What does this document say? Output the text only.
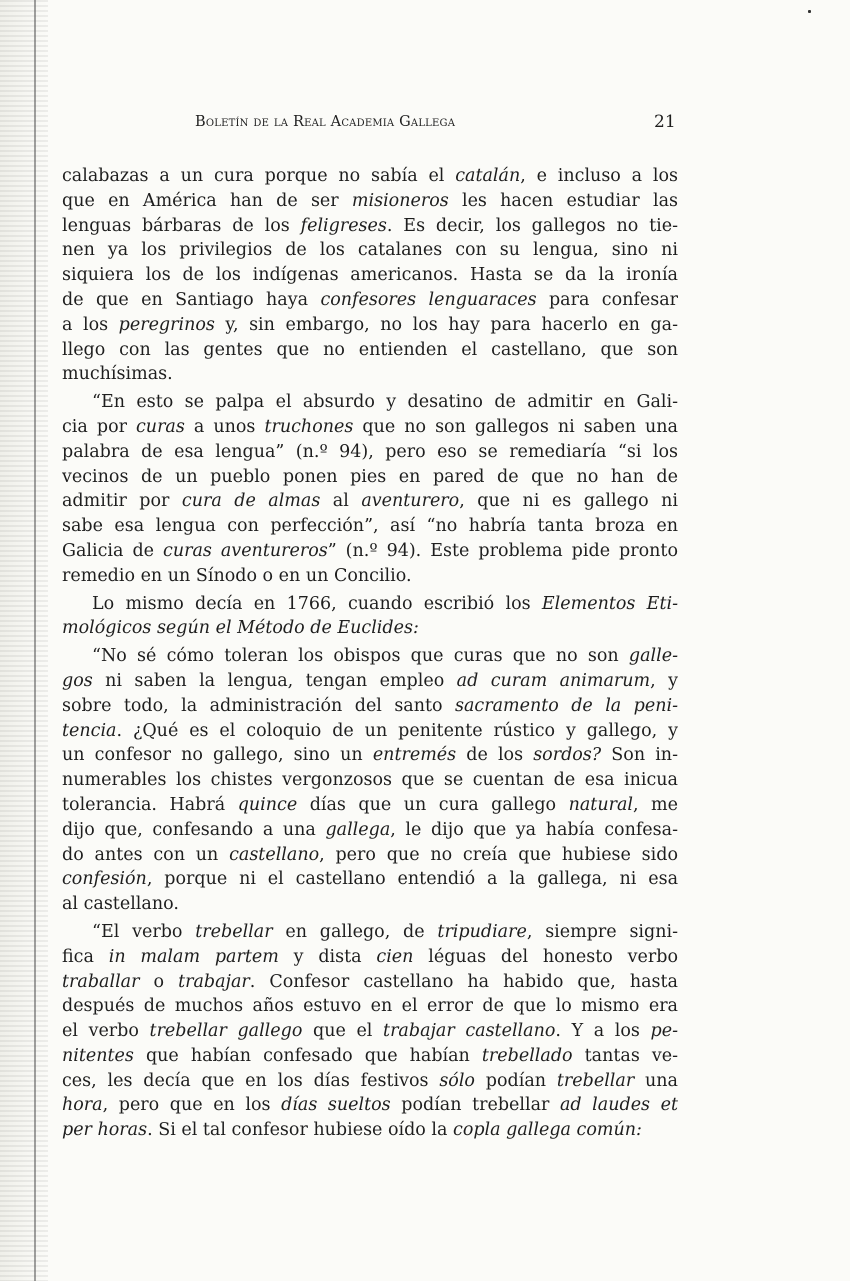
Boletín de la Real Academia Gallega	21
calabazas a un cura porque no sabía el catalán, e incluso a los
que en América han de ser misioneros les hacen estudiar las
lenguas bárbaras de los feligreses. Es decir, los gallegos no tie-
nen ya los privilegios de los catalanes con su lengua, sino ni
siquiera los de los indígenas americanos. Hasta se da la ironía
de que en Santiago haya confesores lenguaraces para confesar
a los peregrinos y, sin embargo, no los hay para hacerlo en ga-
llego con las gentes que no entienden el castellano, que son
muchísimas.
“En esto se palpa el absurdo y desatino de admitir en Gali-
cia por curas a unos truchones que no son gallegos ni saben una
palabra de esa lengua” (n.º 94), pero eso se remediaría “si los
vecinos de un pueblo ponen pies en pared de que no han de
admitir por cura de almas al aventurero, que ni es gallego ni
sabe esa lengua con perfección”, así “no habría tanta broza en
Galicia de curas aventureros” (n.º 94). Este problema pide pronto
remedio en un Sínodo o en un Concilio.
Lo mismo decía en 1766, cuando escribió los Elementos Eti-
mológicos según el Método de Euclides:
“No sé cómo toleran los obispos que curas que no son galle-
gos ni saben la lengua, tengan empleo ad curam animarum, y
sobre todo, la administración del santo sacramento de la peni-
tencia. ¿Qué es el coloquio de un penitente rústico y gallego, y
un confesor no gallego, sino un entremés de los sordos? Son in-
numerables los chistes vergonzosos que se cuentan de esa inicua
tolerancia. Habrá quince días que un cura gallego natural, me
dijo que, confesando a una gallega, le dijo que ya había confesa-
do antes con un castellano, pero que no creía que hubiese sido
confesión, porque ni el castellano entendió a la gallega, ni esa
al castellano.
“El verbo trebellar en gallego, de tripudiare, siempre signi-
fica in malam partem y dista cien léguas del honesto verbo
traballar o trabajar. Confesor castellano ha habido que, hasta
después de muchos años estuvo en el error de que lo mismo era
el verbo trebellar gallego que el trabajar castellano. Y a los pe-
nitentes que habían confesado que habían trebellado tantas ve-
ces, les decía que en los días festivos sólo podían trebellar una
hora, pero que en los días sueltos podían trebellar ad laudes et
per horas. Si el tal confesor hubiese oído la copla gallega común:
